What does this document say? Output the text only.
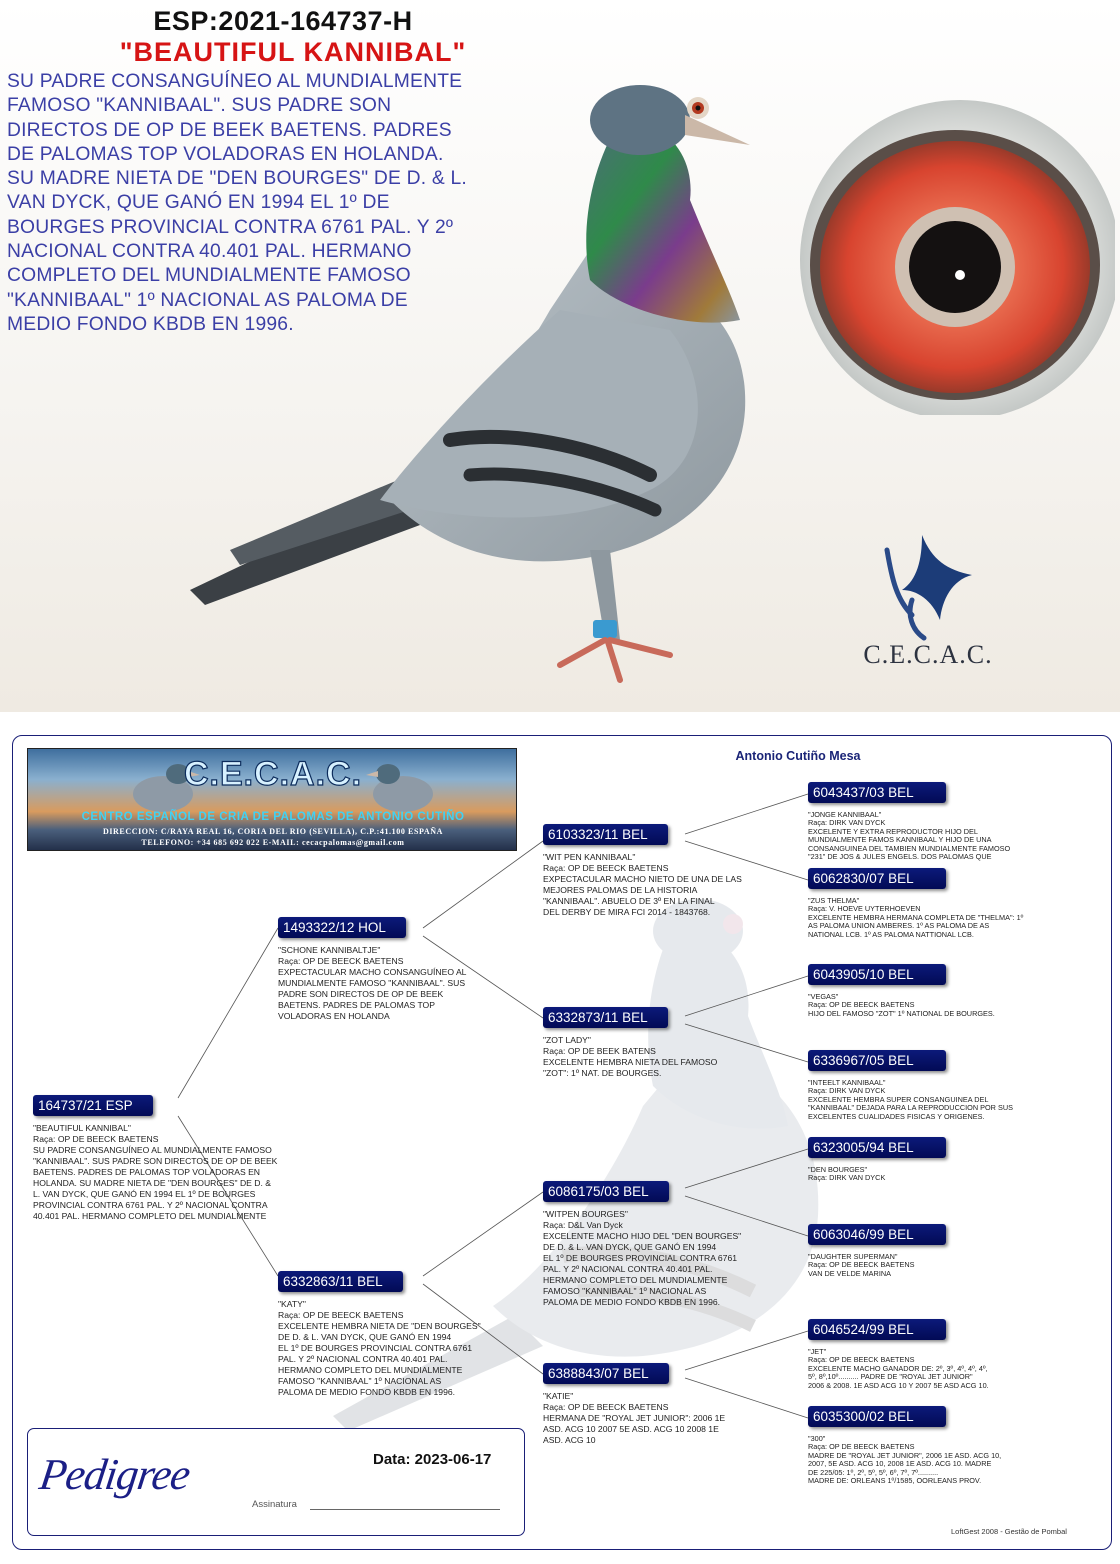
ESP:2021-164737-H
"BEAUTIFUL KANNIBAL"
SU PADRE CONSANGUÍNEO AL MUNDIALMENTE
FAMOSO "KANNIBAAL". SUS PADRE SON
DIRECTOS DE OP DE BEEK BAETENS. PADRES
DE PALOMAS TOP VOLADORAS EN HOLANDA.
SU MADRE NIETA DE "DEN BOURGES" DE D. & L.
VAN DYCK, QUE GANÓ EN 1994 EL 1º DE
BOURGES PROVINCIAL CONTRA 6761 PAL. Y 2º
NACIONAL CONTRA 40.401 PAL. HERMANO
COMPLETO DEL MUNDIALMENTE FAMOSO
"KANNIBAAL" 1º NACIONAL AS PALOMA DE
MEDIO FONDO KBDB EN 1996.
C.E.C.A.C.
C.E.C.A.C.
CENTRO ESPAÑOL DE CRIA DE PALOMAS DE ANTONIO CUTIÑO
DIRECCION: C/RAYA REAL 16, CORIA DEL RIO (SEVILLA), C.P.:41.100 ESPAÑA
TELEFONO: +34 685 692 022 E-MAIL: cecacpalomas@gmail.com
Antonio Cutiño Mesa
164737/21 ESP
"BEAUTIFUL KANNIBAL"
Raça: OP DE BEECK BAETENS
SU PADRE CONSANGUÍNEO AL MUNDIALMENTE FAMOSO
"KANNIBAAL". SUS PADRE SON DIRECTOS DE OP DE BEEK
BAETENS. PADRES DE PALOMAS TOP VOLADORAS EN
HOLANDA. SU MADRE NIETA DE "DEN BOURGES" DE D. &
L. VAN DYCK, QUE GANÓ EN 1994 EL 1º DE BOURGES
PROVINCIAL CONTRA 6761 PAL. Y 2º NACIONAL CONTRA
40.401 PAL. HERMANO COMPLETO DEL MUNDIALMENTE
1493322/12 HOL
"SCHONE KANNIBALTJE"
Raça: OP DE BEECK BAETENS
EXPECTACULAR MACHO CONSANGUÍNEO AL
MUNDIALMENTE FAMOSO "KANNIBAAL". SUS
PADRE SON DIRECTOS DE OP DE BEEK
BAETENS. PADRES DE PALOMAS TOP
VOLADORAS EN HOLANDA
6332863/11 BEL
"KATY"
Raça: OP DE BEECK BAETENS
EXCELENTE HEMBRA NIETA DE "DEN BOURGES"
DE D. & L. VAN DYCK, QUE GANÓ EN 1994
EL 1º DE BOURGES PROVINCIAL CONTRA 6761
PAL. Y 2º NACIONAL CONTRA 40.401 PAL.
HERMANO COMPLETO DEL MUNDIALMENTE
FAMOSO "KANNIBAAL" 1º NACIONAL AS
PALOMA DE MEDIO FONDO KBDB EN 1996.
6103323/11 BEL
"WIT PEN KANNIBAAL"
Raça: OP DE BEECK BAETENS
EXPECTACULAR MACHO NIETO DE UNA DE LAS
MEJORES PALOMAS DE LA HISTORIA
"KANNIBAAL". ABUELO DE 3º EN LA FINAL
DEL DERBY DE MIRA FCI 2014 - 1843768.
6332873/11 BEL
"ZOT LADY"
Raça: OP DE BEEK BATENS
EXCELENTE HEMBRA NIETA DEL FAMOSO
"ZOT": 1º NAT. DE BOURGES.
6086175/03 BEL
"WITPEN BOURGES"
Raça: D&L Van Dyck
EXCELENTE MACHO HIJO DEL "DEN BOURGES"
DE D. & L. VAN DYCK, QUE GANÓ EN 1994
EL 1º DE BOURGES PROVINCIAL CONTRA 6761
PAL. Y 2º NACIONAL CONTRA 40.401 PAL.
HERMANO COMPLETO DEL MUNDIALMENTE
FAMOSO "KANNIBAAL" 1º NACIONAL AS
PALOMA DE MEDIO FONDO KBDB EN 1996.
6388843/07 BEL
"KATIE"
Raça: OP DE BEECK BAETENS
HERMANA DE "ROYAL JET JUNIOR": 2006 1E
ASD. ACG 10 2007 5E ASD. ACG 10 2008 1E
ASD. ACG 10
6043437/03 BEL
"JONGE KANNIBAAL"
Raça: DIRK VAN DYCK
EXCELENTE Y EXTRA REPRODUCTOR HIJO DEL
MUNDIALMENTE FAMOS KANNIBAAL Y HIJO DE UNA
CONSANGUINEA DEL TAMBIEN MUNDIALMENTE FAMOSO
"231" DE JOS & JULES ENGELS. DOS PALOMAS QUE
6062830/07 BEL
"ZUS THELMA"
Raça: V. HOEVE UYTERHOEVEN
EXCELENTE HEMBRA HERMANA COMPLETA DE "THELMA": 1º
AS PALOMA UNION AMBERES. 1º AS PALOMA DE AS
NATIONAL LCB. 1º AS PALOMA NATTIONAL LCB.
6043905/10 BEL
"VEGAS"
Raça: OP DE BEECK BAETENS
HIJO DEL FAMOSO "ZOT" 1º NATIONAL DE BOURGES.
6336967/05 BEL
"INTEELT KANNIBAAL"
Raça: DIRK VAN DYCK
EXCELENTE HEMBRA SUPER CONSANGUINEA DEL
"KANNIBAAL" DEJADA PARA LA REPRODUCCION POR SUS
EXCELENTES CUALIDADES FISICAS Y ORIGENES.
6323005/94 BEL
"DEN BOURGES"
Raça: DIRK VAN DYCK
6063046/99 BEL
"DAUGHTER SUPERMAN"
Raça: OP DE BEECK BAETENS
VAN DE VELDE MARINA
6046524/99 BEL
"JET"
Raça: OP DE BEECK BAETENS
EXCELENTE MACHO GANADOR DE: 2º, 3º, 4º, 4º, 4º,
5º, 8º,10º.......... PADRE DE "ROYAL JET JUNIOR"
2006 & 2008. 1E ASD ACG 10 Y 2007 5E ASD ACG 10.
6035300/02 BEL
"300"
Raça: OP DE BEECK BAETENS
MADRE DE "ROYAL JET JUNIOR", 2006 1E ASD. ACG 10,
2007, 5E ASD. ACG 10, 2008 1E ASD. ACG 10. MADRE
DE 225/05: 1º, 2º, 5º, 5º, 6º, 7º, 7º..........
MADRE DE: ORLEANS 1º/1585, OORLEANS PROV.
Pedigree	Data: 2023-06-17
Assinatura
LoftGest 2008 - Gestão de Pombal
